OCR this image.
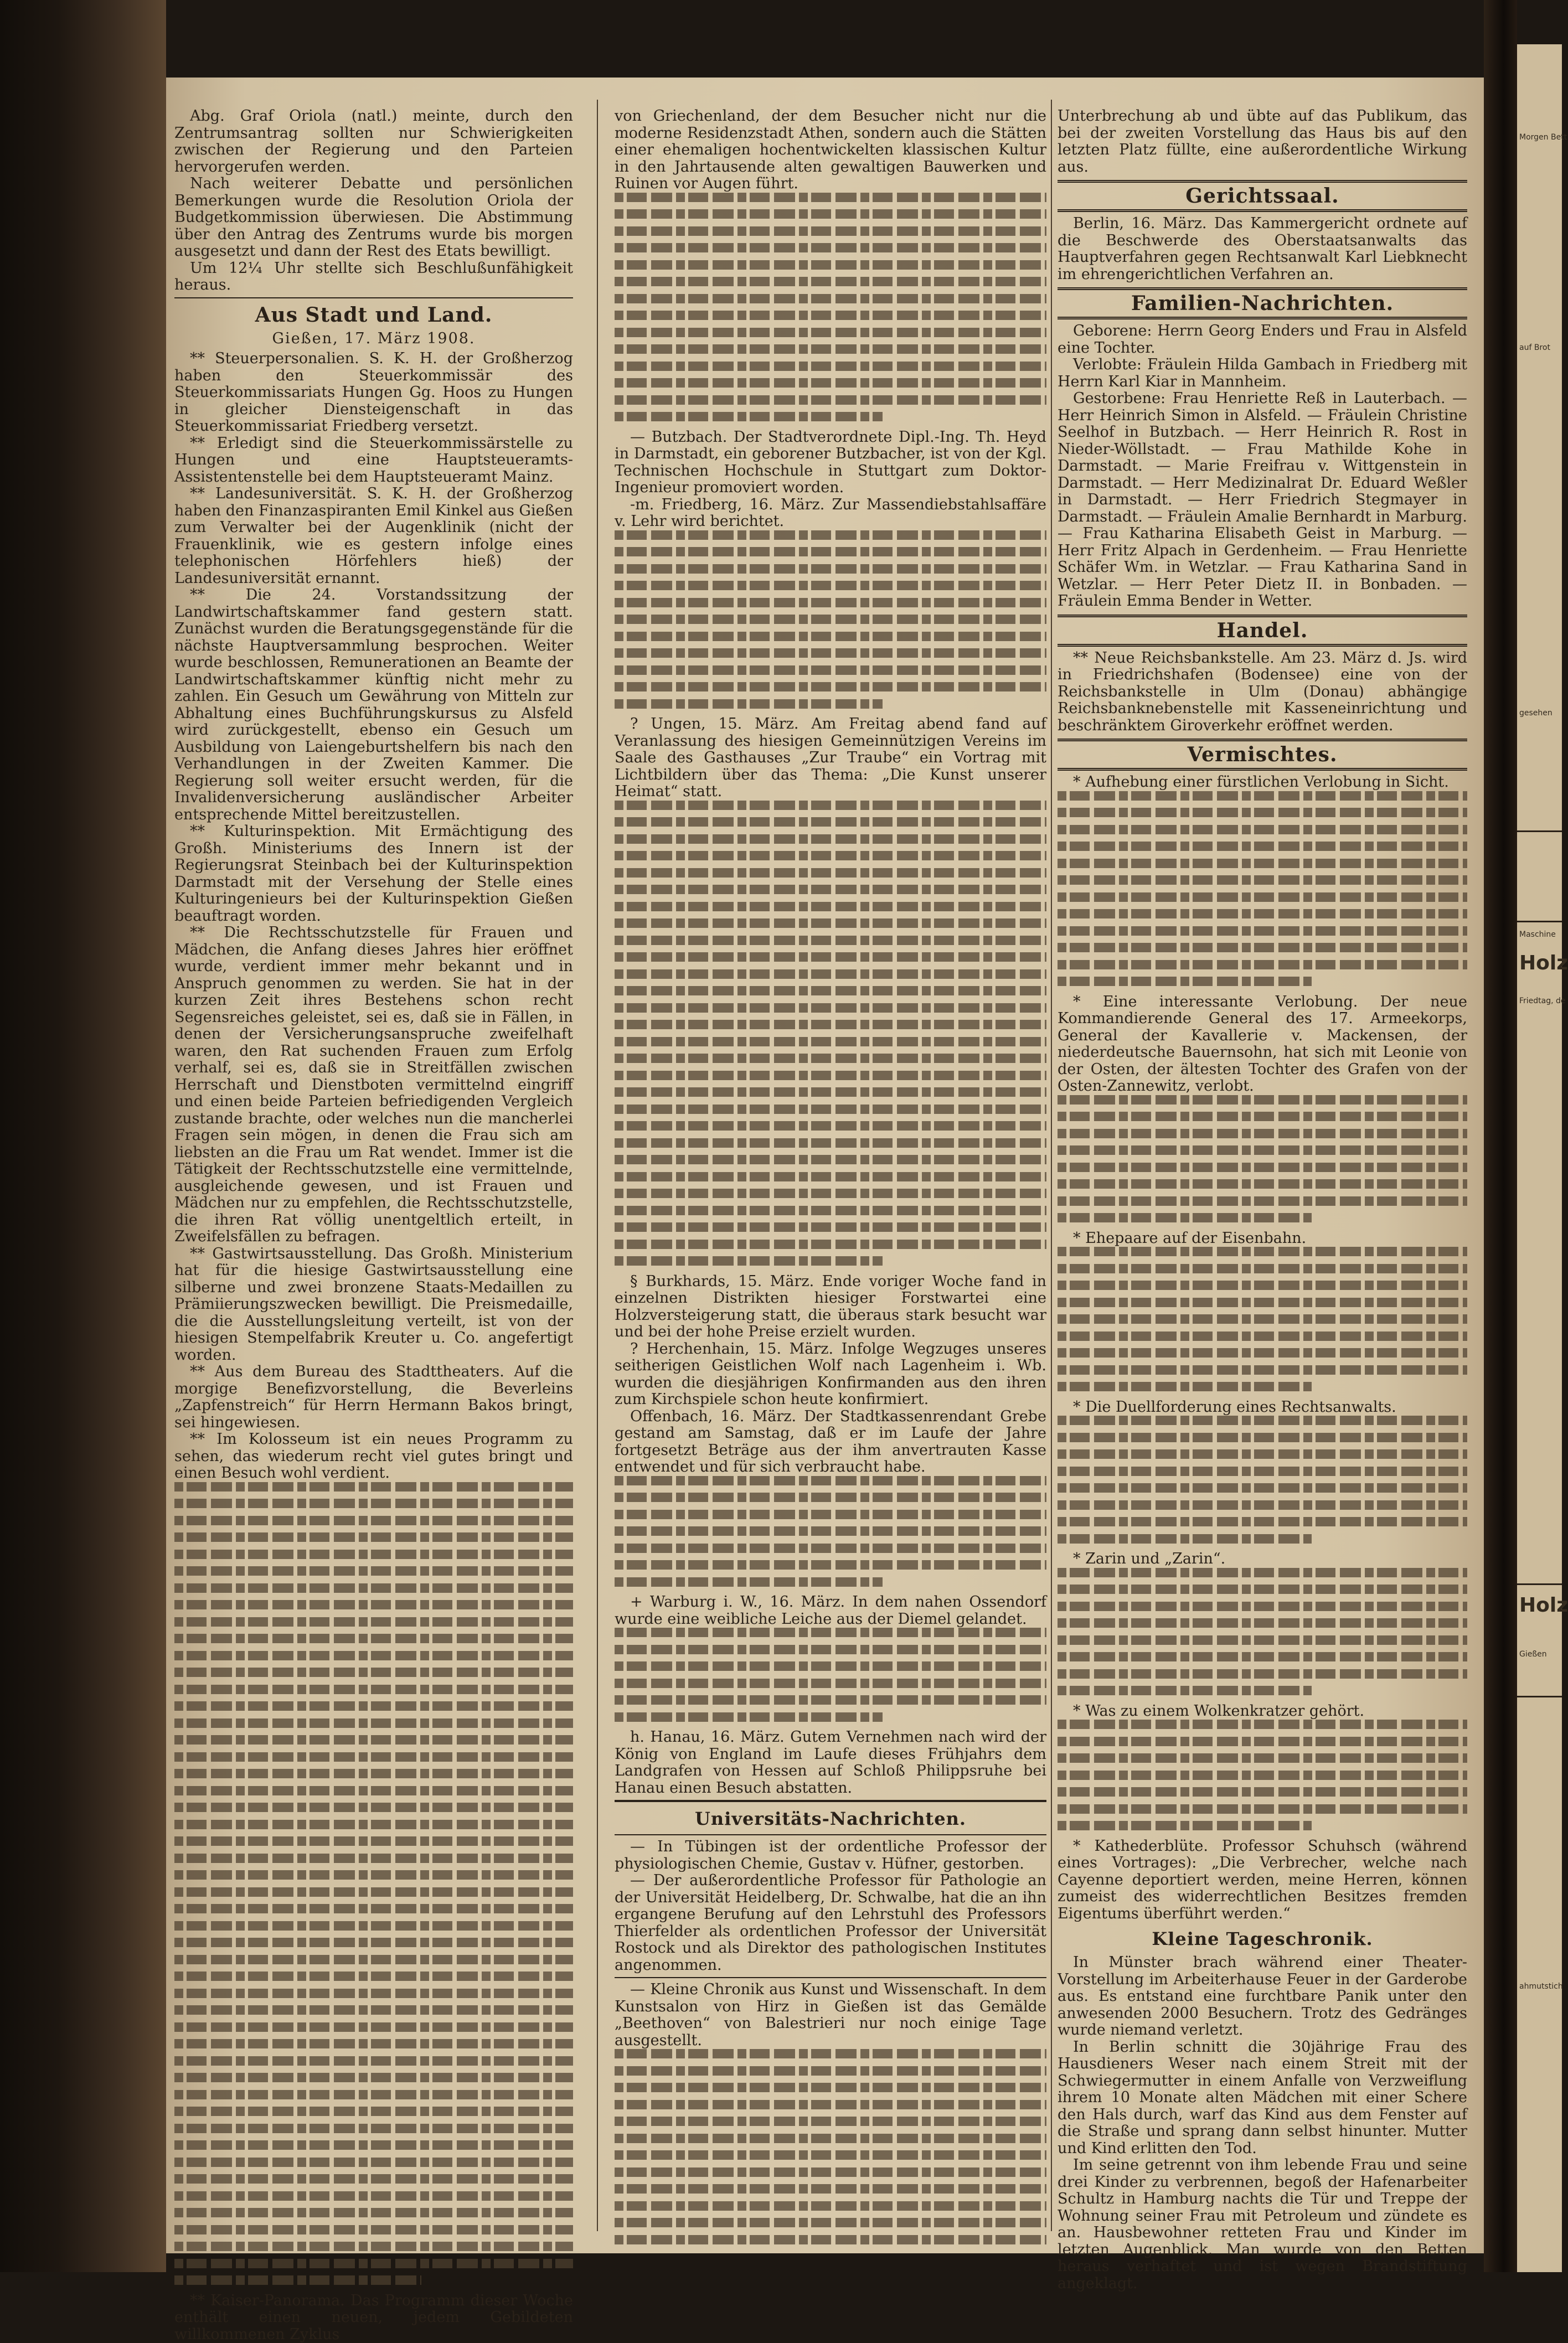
Morgen Bett
auf Brot
gesehen
Maschine
Holz
Friedtag, de
Holz
Gießen
ahmutstich

Abg. Graf Oriola (natl.) meinte, durch den Zentrumsantrag sollten nur Schwierigkeiten zwischen der Regierung und den Parteien hervorgerufen werden.

Nach weiterer Debatte und persönlichen Bemerkungen wurde die Resolution Oriola der Budgetkommission überwiesen. Die Abstimmung über den Antrag des Zentrums wurde bis morgen ausgesetzt und dann der Rest des Etats bewilligt.

Um 12¼ Uhr stellte sich Beschlußunfähigkeit heraus.

Aus Stadt und Land.
Gießen, 17. März 1908.

** Steuerpersonalien. S. K. H. der Großherzog haben den Steuerkommissär des Steuerkommissariats Hungen Gg. Hoos zu Hungen in gleicher Diensteigenschaft in das Steuerkommissariat Friedberg versetzt.

** Erledigt sind die Steuerkommissärstelle zu Hungen und eine Hauptsteueramts-Assistentenstelle bei dem Hauptsteueramt Mainz.

** Landesuniversität. S. K. H. der Großherzog haben den Finanzaspiranten Emil Kinkel aus Gießen zum Verwalter bei der Augenklinik (nicht der Frauenklinik, wie es gestern infolge eines telephonischen Hörfehlers hieß) der Landesuniversität ernannt.

** Die 24. Vorstandssitzung der Landwirtschaftskammer fand gestern statt. Zunächst wurden die Beratungsgegenstände für die nächste Hauptversammlung besprochen. Weiter wurde beschlossen, Remunerationen an Beamte der Landwirtschaftskammer künftig nicht mehr zu zahlen. Ein Gesuch um Gewährung von Mitteln zur Abhaltung eines Buchführungskursus zu Alsfeld wird zurückgestellt, ebenso ein Gesuch um Ausbildung von Laiengeburtshelfern bis nach den Verhandlungen in der Zweiten Kammer. Die Regierung soll weiter ersucht werden, für die Invalidenversicherung ausländischer Arbeiter entsprechende Mittel bereitzustellen.

** Kulturinspektion. Mit Ermächtigung des Großh. Ministeriums des Innern ist der Regierungsrat Steinbach bei der Kulturinspektion Darmstadt mit der Versehung der Stelle eines Kulturingenieurs bei der Kulturinspektion Gießen beauftragt worden.

** Die Rechtsschutzstelle für Frauen und Mädchen, die Anfang dieses Jahres hier eröffnet wurde, verdient immer mehr bekannt und in Anspruch genommen zu werden. Sie hat in der kurzen Zeit ihres Bestehens schon recht Segensreiches geleistet, sei es, daß sie in Fällen, in denen der Versicherungsanspruche zweifelhaft waren, den Rat suchenden Frauen zum Erfolg verhalf, sei es, daß sie in Streitfällen zwischen Herrschaft und Dienstboten vermittelnd eingriff und einen beide Parteien befriedigenden Vergleich zustande brachte, oder welches nun die mancherlei Fragen sein mögen, in denen die Frau sich am liebsten an die Frau um Rat wendet. Immer ist die Tätigkeit der Rechtsschutzstelle eine vermittelnde, ausgleichende gewesen, und ist Frauen und Mädchen nur zu empfehlen, die Rechtsschutzstelle, die ihren Rat völlig unentgeltlich erteilt, in Zweifelsfällen zu befragen.

** Gastwirtsausstellung. Das Großh. Ministerium hat für die hiesige Gastwirtsausstellung eine silberne und zwei bronzene Staats-Medaillen zu Prämiierungszwecken bewilligt. Die Preismedaille, die die Ausstellungsleitung verteilt, ist von der hiesigen Stempelfabrik Kreuter u. Co. angefertigt worden.

** Aus dem Bureau des Stadttheaters. Auf die morgige Benefizvorstellung, die Beverleins „Zapfenstreich“ für Herrn Hermann Bakos bringt, sei hingewiesen.

** Im Kolosseum ist ein neues Programm zu sehen, das wiederum recht viel gutes bringt und einen Besuch wohl verdient.

** Kaiser-Panorama. Das Programm dieser Woche enthält einen neuen, jedem Gebildeten willkommenen Zyklus

von Griechenland, der dem Besucher nicht nur die moderne Residenzstadt Athen, sondern auch die Stätten einer ehemaligen hochentwickelten klassischen Kultur in den Jahrtausende alten gewaltigen Bauwerken und Ruinen vor Augen führt.

— Butzbach. Der Stadtverordnete Dipl.-Ing. Th. Heyd in Darmstadt, ein geborener Butzbacher, ist von der Kgl. Technischen Hochschule in Stuttgart zum Doktor-Ingenieur promoviert worden.

-m. Friedberg, 16. März. Zur Massendiebstahlsaffäre v. Lehr wird berichtet.

? Ungen, 15. März. Am Freitag abend fand auf Veranlassung des hiesigen Gemeinnützigen Vereins im Saale des Gasthauses „Zur Traube“ ein Vortrag mit Lichtbildern über das Thema: „Die Kunst unserer Heimat“ statt.

§ Burkhards, 15. März. Ende voriger Woche fand in einzelnen Distrikten hiesiger Forstwartei eine Holzversteigerung statt, die überaus stark besucht war und bei der hohe Preise erzielt wurden.

? Herchenhain, 15. März. Infolge Wegzuges unseres seitherigen Geistlichen Wolf nach Lagenheim i. Wb. wurden die diesjährigen Konfirmanden aus den ihren zum Kirchspiele schon heute konfirmiert.

Offenbach, 16. März. Der Stadtkassenrendant Grebe gestand am Samstag, daß er im Laufe der Jahre fortgesetzt Beträge aus der ihm anvertrauten Kasse entwendet und für sich verbraucht habe.

+ Warburg i. W., 16. März. In dem nahen Ossendorf wurde eine weibliche Leiche aus der Diemel gelandet.

h. Hanau, 16. März. Gutem Vernehmen nach wird der König von England im Laufe dieses Frühjahrs dem Landgrafen von Hessen auf Schloß Philippsruhe bei Hanau einen Besuch abstatten.

Universitäts-Nachrichten.

— In Tübingen ist der ordentliche Professor der physiologischen Chemie, Gustav v. Hüfner, gestorben.

— Der außerordentliche Professor für Pathologie an der Universität Heidelberg, Dr. Schwalbe, hat die an ihn ergangene Berufung auf den Lehrstuhl des Professors Thierfelder als ordentlichen Professor der Universität Rostock und als Direktor des pathologischen Institutes angenommen.

— Kleine Chronik aus Kunst und Wissenschaft. In dem Kunstsalon von Hirz in Gießen ist das Gemälde „Beethoven“ von Balestrieri nur noch einige Tage ausgestellt.

Unterbrechung ab und übte auf das Publikum, das bei der zweiten Vorstellung das Haus bis auf den letzten Platz füllte, eine außerordentliche Wirkung aus.

Gerichtssaal.

Berlin, 16. März. Das Kammergericht ordnete auf die Beschwerde des Oberstaatsanwalts das Hauptverfahren gegen Rechtsanwalt Karl Liebknecht im ehrengerichtlichen Verfahren an.

Familien-Nachrichten.

Geborene: Herrn Georg Enders und Frau in Alsfeld eine Tochter.

Verlobte: Fräulein Hilda Gambach in Friedberg mit Herrn Karl Kiar in Mannheim.

Gestorbene: Frau Henriette Reß in Lauterbach. — Herr Heinrich Simon in Alsfeld. — Fräulein Christine Seelhof in Butzbach. — Herr Heinrich R. Rost in Nieder-Wöllstadt. — Frau Mathilde Kohe in Darmstadt. — Marie Freifrau v. Wittgenstein in Darmstadt. — Herr Medizinalrat Dr. Eduard Weßler in Darmstadt. — Herr Friedrich Stegmayer in Darmstadt. — Fräulein Amalie Bernhardt in Marburg. — Frau Katharina Elisabeth Geist in Marburg. — Herr Fritz Alpach in Gerdenheim. — Frau Henriette Schäfer Wm. in Wetzlar. — Frau Katharina Sand in Wetzlar. — Herr Peter Dietz II. in Bonbaden. — Fräulein Emma Bender in Wetter.

Handel.

** Neue Reichsbankstelle. Am 23. März d. Js. wird in Friedrichshafen (Bodensee) eine von der Reichsbankstelle in Ulm (Donau) abhängige Reichsbanknebenstelle mit Kasseneinrichtung und beschränktem Giroverkehr eröffnet werden.

Vermischtes.

* Aufhebung einer fürstlichen Verlobung in Sicht.

* Eine interessante Verlobung. Der neue Kommandierende General des 17. Armeekorps, General der Kavallerie v. Mackensen, der niederdeutsche Bauernsohn, hat sich mit Leonie von der Osten, der ältesten Tochter des Grafen von der Osten-Zannewitz, verlobt.

* Ehepaare auf der Eisenbahn.

* Die Duellforderung eines Rechtsanwalts.

* Zarin und „Zarin“.

* Was zu einem Wolkenkratzer gehört.

* Kathederblüte. Professor Schuhsch (während eines Vortrages): „Die Verbrecher, welche nach Cayenne deportiert werden, meine Herren, können zumeist des widerrechtlichen Besitzes fremden Eigentums überführt werden.“

Kleine Tageschronik.

In Münster brach während einer Theater-Vorstellung im Arbeiterhause Feuer in der Garderobe aus. Es entstand eine furchtbare Panik unter den anwesenden 2000 Besuchern. Trotz des Gedränges wurde niemand verletzt.

In Berlin schnitt die 30jährige Frau des Hausdieners Weser nach einem Streit mit der Schwiegermutter in einem Anfalle von Verzweiflung ihrem 10 Monate alten Mädchen mit einer Schere den Hals durch, warf das Kind aus dem Fenster auf die Straße und sprang dann selbst hinunter. Mutter und Kind erlitten den Tod.

Im seine getrennt von ihm lebende Frau und seine drei Kinder zu verbrennen, begoß der Hafenarbeiter Schultz in Hamburg nachts die Tür und Treppe der Wohnung seiner Frau mit Petroleum und zündete es an. Hausbewohner retteten Frau und Kinder im letzten Augenblick. Man wurde von den Betten heraus verhaftet und ist wegen Brandstiftung angeklagt.
